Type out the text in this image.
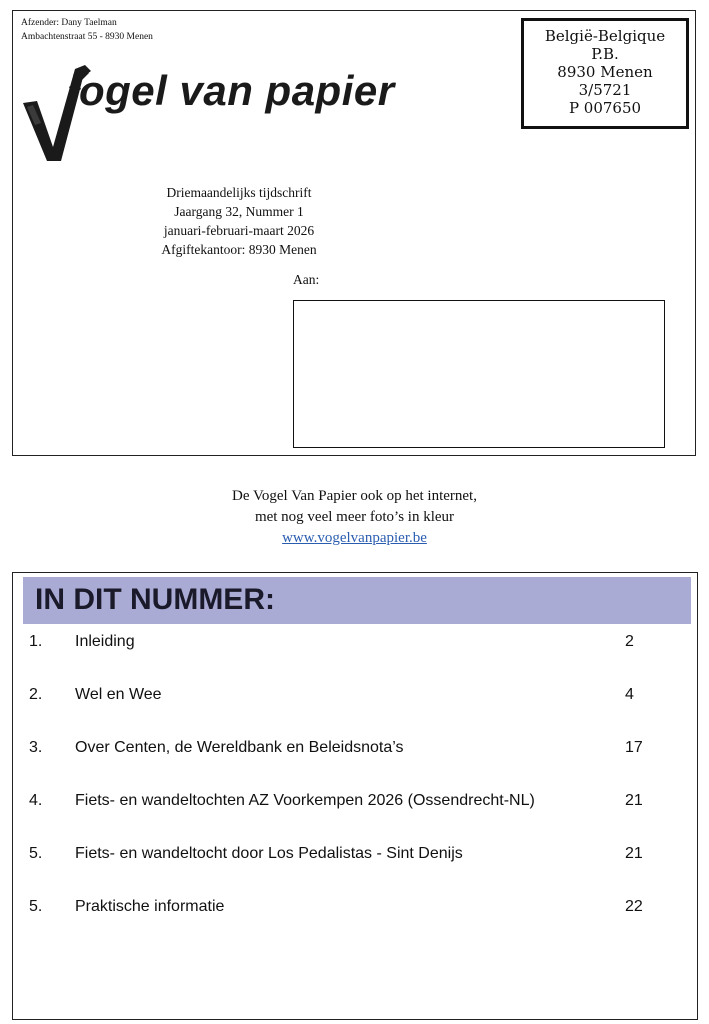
Afzender: Dany Taelman
Ambachtenstraat 55 - 8930 Menen	België-Belgique
P.B.
8930 Menen
3/5721
P 007650
ogel van papier
Driemaandelijks tijdschrift
Jaargang 32, Nummer 1
januari-februari-maart 2026
Afgiftekantoor: 8930 Menen
Aan:
De Vogel Van Papier ook op het internet,
met nog veel meer foto’s in kleur
www.vogelvanpapier.be
IN DIT NUMMER:
1. Inleiding	2
2. Wel en Wee	4
3. Over Centen, de Wereldbank en Beleidsnota’s	17
4. Fiets- en wandeltochten AZ Voorkempen 2026 (Ossendrecht-NL)	21
5. Fiets- en wandeltocht door Los Pedalistas - Sint Denijs	21
5. Praktische informatie	22
